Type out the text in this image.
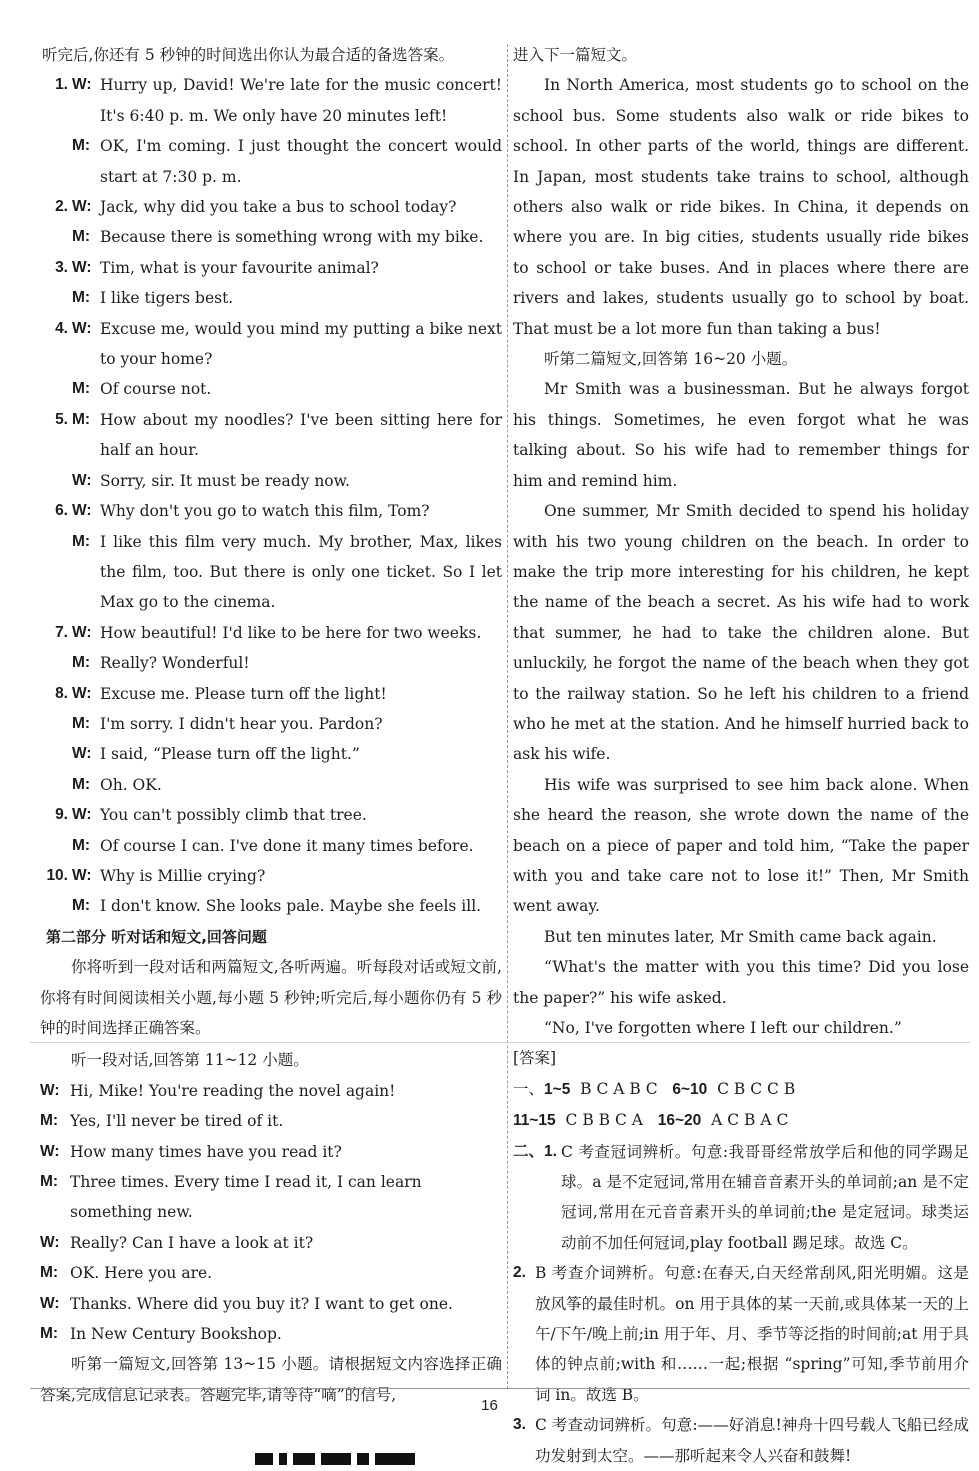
听完后,你还有 5 秒钟的时间选出你认为最合适的备选答案。

1. W: Hurry up, David! We're late for the music concert! It's 6:40 p. m. We only have 20 minutes left!
M: OK, I'm coming. I just thought the concert would start at 7:30 p. m.
2. W: Jack, why did you take a bus to school today?
M: Because there is something wrong with my bike.
3. W: Tim, what is your favourite animal?
M: I like tigers best.
4. W: Excuse me, would you mind my putting a bike next to your home?
M: Of course not.
5. M: How about my noodles? I've been sitting here for half an hour.
W: Sorry, sir. It must be ready now.
6. W: Why don't you go to watch this film, Tom?
M: I like this film very much. My brother, Max, likes the film, too. But there is only one ticket. So I let Max go to the cinema.
7. W: How beautiful! I'd like to be here for two weeks.
M: Really? Wonderful!
8. W: Excuse me. Please turn off the light!
M: I'm sorry. I didn't hear you. Pardon?
W: I said, “Please turn off the light.”
M: Oh. OK.
9. W: You can't possibly climb that tree.
M: Of course I can. I've done it many times before.
10. W: Why is Millie crying?
M: I don't know. She looks pale. Maybe she feels ill.
第二部分 听对话和短文,回答问题

你将听到一段对话和两篇短文,各听两遍。听每段对话或短文前,你将有时间阅读相关小题,每小题 5 秒钟;听完后,每小题你仍有 5 秒钟的时间选择正确答案。

听一段对话,回答第 11~12 小题。

W: Hi, Mike! You're reading the novel again!
M: Yes, I'll never be tired of it.
W: How many times have you read it?
M: Three times. Every time I read it, I can learn something new.
W: Really? Can I have a look at it?
M: OK. Here you are.
W: Thanks. Where did you buy it? I want to get one.
M: In New Century Bookshop.

听第一篇短文,回答第 13~15 小题。请根据短文内容选择正确答案,完成信息记录表。答题完毕,请等待“嘀”的信号,

进入下一篇短文。

In North America, most students go to school on the school bus. Some students also walk or ride bikes to school. In other parts of the world, things are different. In Japan, most students take trains to school, although others also walk or ride bikes. In China, it depends on where you are. In big cities, students usually ride bikes to school or take buses. And in places where there are rivers and lakes, students usually go to school by boat. That must be a lot more fun than taking a bus!

听第二篇短文,回答第 16~20 小题。

Mr Smith was a businessman. But he always forgot his things. Sometimes, he even forgot what he was talking about. So his wife had to remember things for him and remind him.

One summer, Mr Smith decided to spend his holiday with his two young children on the beach. In order to make the trip more interesting for his children, he kept the name of the beach a secret. As his wife had to work that summer, he had to take the children alone. But unluckily, he forgot the name of the beach when they got to the railway station. So he left his children to a friend who he met at the station. And he himself hurried back to ask his wife.

His wife was surprised to see him back alone. When she heard the reason, she wrote down the name of the beach on a piece of paper and told him, “Take the paper with you and take care not to lose it!” Then, Mr Smith went away.

But ten minutes later, Mr Smith came back again.

“What's the matter with you this time? Did you lose the paper?” his wife asked.

“No, I've forgotten where I left our children.”

[答案]

一、1~5 B C A B C 6~10 C B C C B
11~15 C B B C A 16~20 A C B A C
二、1. C 考查冠词辨析。句意:我哥哥经常放学后和他的同学踢足球。a 是不定冠词,常用在辅音音素开头的单词前;an 是不定冠词,常用在元音音素开头的单词前;the 是定冠词。球类运动前不加任何冠词,play football 踢足球。故选 C。
2. B 考查介词辨析。句意:在春天,白天经常刮风,阳光明媚。这是放风筝的最佳时机。on 用于具体的某一天前,或具体某一天的上午/下午/晚上前;in 用于年、月、季节等泛指的时间前;at 用于具体的钟点前;with 和……一起;根据 “spring”可知,季节前用介词 in。故选 B。
3. C 考查动词辨析。句意:——好消息!神舟十四号载人飞船已经成功发射到太空。——那听起来令人兴奋和鼓舞!
16
